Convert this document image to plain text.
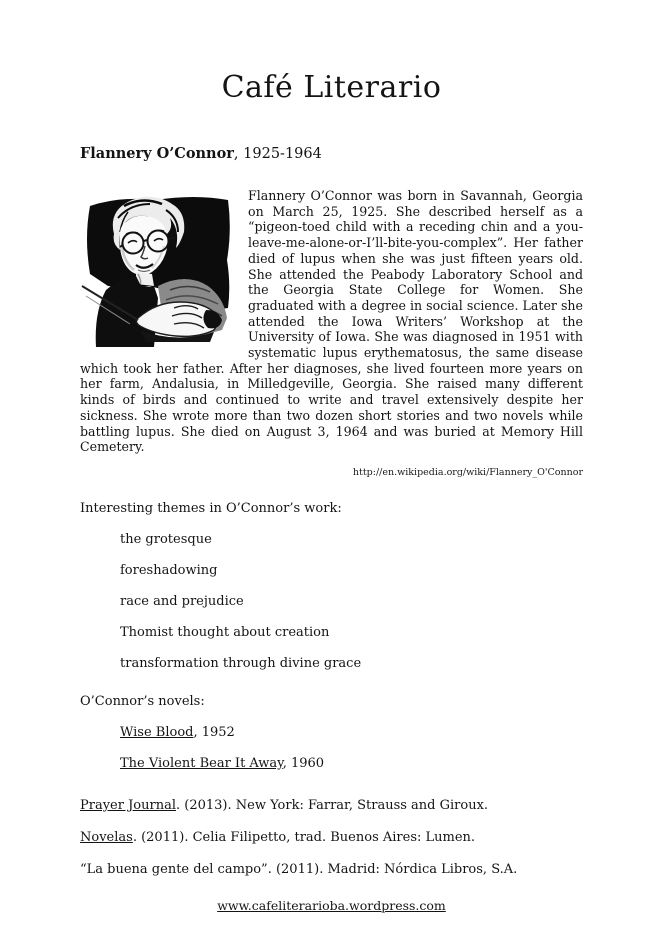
Café Literario
Flannery O’Connor, 1925-1964
Flannery O’Connor was born in Savannah, Georgia on March 25, 1925. She described herself as a “pigeon-toed child with a receding chin and a you-leave-me-alone-or-I’ll-bite-you-complex”. Her father died of lupus when she was just fifteen years old. She attended the Peabody Laboratory School and the Georgia State College for Women. She graduated with a degree in social science. Later she attended the Iowa Writers’ Workshop at the University of Iowa. She was diagnosed in 1951 with systematic lupus erythematosus, the same disease which took her father. After her diagnoses, she lived fourteen more years on her farm, Andalusia, in Milledgeville, Georgia. She raised many different kinds of birds and continued to write and travel extensively despite her sickness. She wrote more than two dozen short stories and two novels while battling lupus. She died on August 3, 1964 and was buried at Memory Hill Cemetery.
http://en.wikipedia.org/wiki/Flannery_O'Connor
Interesting themes in O’Connor’s work:
the grotesque
foreshadowing
race and prejudice
Thomist thought about creation
transformation through divine grace
O’Connor’s novels:
Wise Blood, 1952
The Violent Bear It Away, 1960
Prayer Journal. (2013). New York: Farrar, Strauss and Giroux.
Novelas. (2011). Celia Filipetto, trad. Buenos Aires: Lumen.
“La buena gente del campo”. (2011). Madrid: Nórdica Libros, S.A.
www.cafeliterarioba.wordpress.com
